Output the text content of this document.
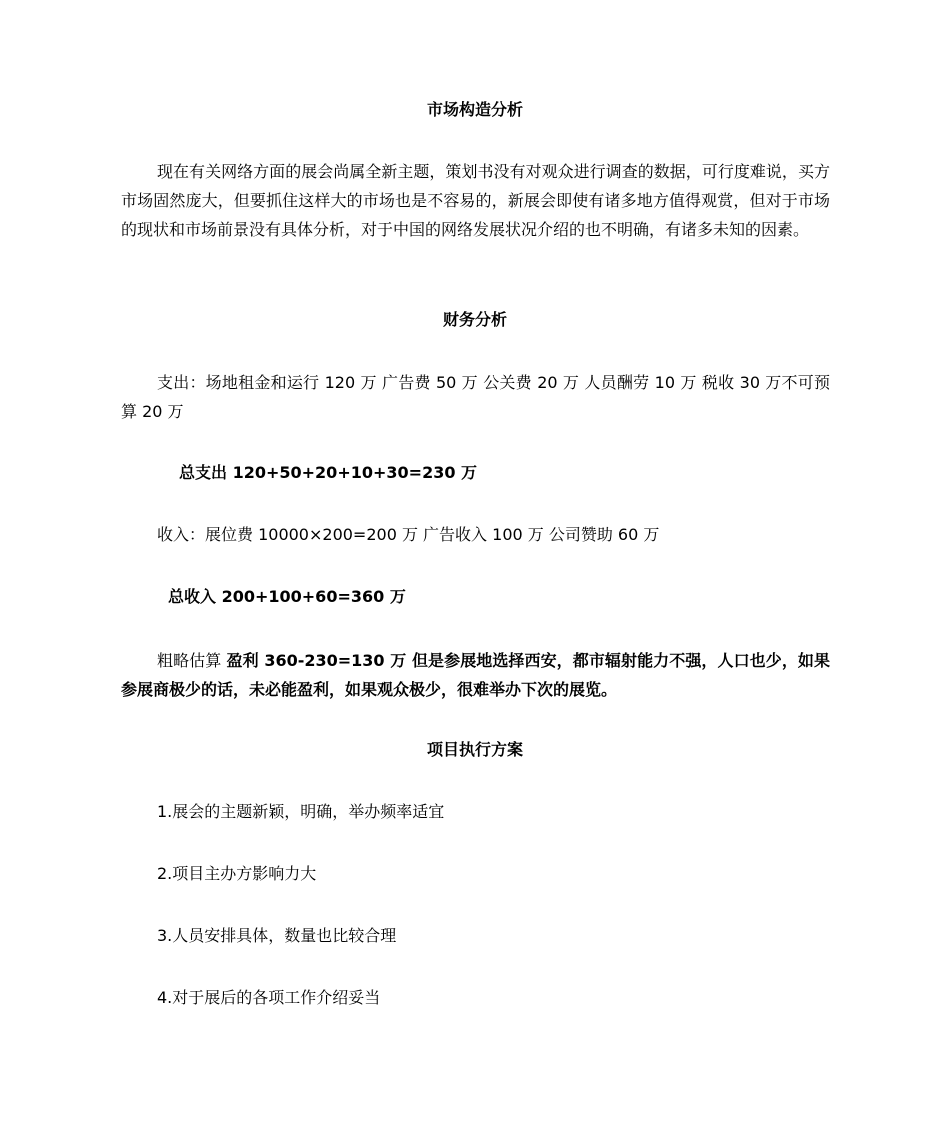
市场构造分析

现在有关网络方面的展会尚属全新主题，策划书没有对观众进行调查的数据，可行度难说，买方市场固然庞大，但要抓住这样大的市场也是不容易的，新展会即使有诸多地方值得观赏，但对于市场的现状和市场前景没有具体分析，对于中国的网络发展状况介绍的也不明确，有诸多未知的因素。

财务分析

支出：场地租金和运行 120 万 广告费 50 万 公关费 20 万 人员酬劳 10 万 税收 30 万不可预算 20 万

总支出 120+50+20+10+30=230 万

收入：展位费 10000×200=200 万 广告收入 100 万 公司赞助 60 万

总收入 200+100+60=360 万

粗略估算 盈利 360-230=130 万 但是参展地选择西安，都市辐射能力不强，人口也少，如果参展商极少的话，未必能盈利，如果观众极少，很难举办下次的展览。

项目执行方案

1.展会的主题新颖，明确，举办频率适宜

2.项目主办方影响力大

3.人员安排具体，数量也比较合理

4.对于展后的各项工作介绍妥当
